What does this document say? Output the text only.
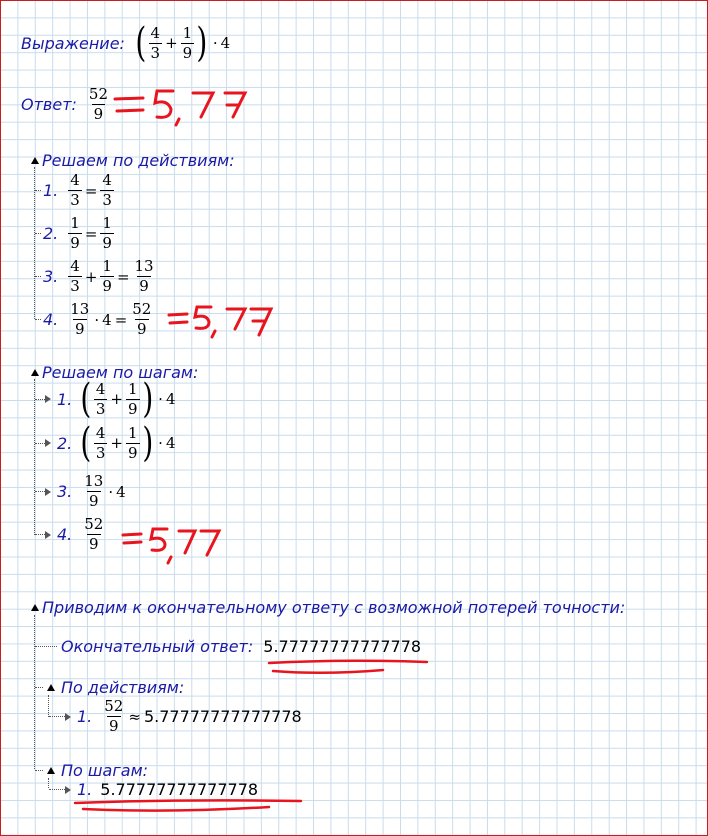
Выражение: ( $\frac{4}{3} + \frac{1}{9}$ ) · 4
Ответ: $\frac{52}{9}$
Решаем по действиям:
1. $\frac{4}{3} = \frac{4}{3}$
2. $\frac{1}{9} = \frac{1}{9}$
3. $\frac{4}{3} + \frac{1}{9} = \frac{13}{9}$
4. $\frac{13}{9} \cdot 4 = \frac{52}{9}$
Решаем по шагам:
1. ( $\frac{4}{3} + \frac{1}{9}$ ) · 4
2. ( $\frac{4}{3} + \frac{1}{9}$ ) · 4
3. $\frac{13}{9} \cdot 4$
4. $\frac{52}{9}$
Приводим к окончательному ответу с возможной потерей точности:
Окончательный ответ: 5.77777777777778
По действиям:
1. $\frac{52}{9} \approx 5.77777777777778$
По шагам:
1. 5.77777777777778
